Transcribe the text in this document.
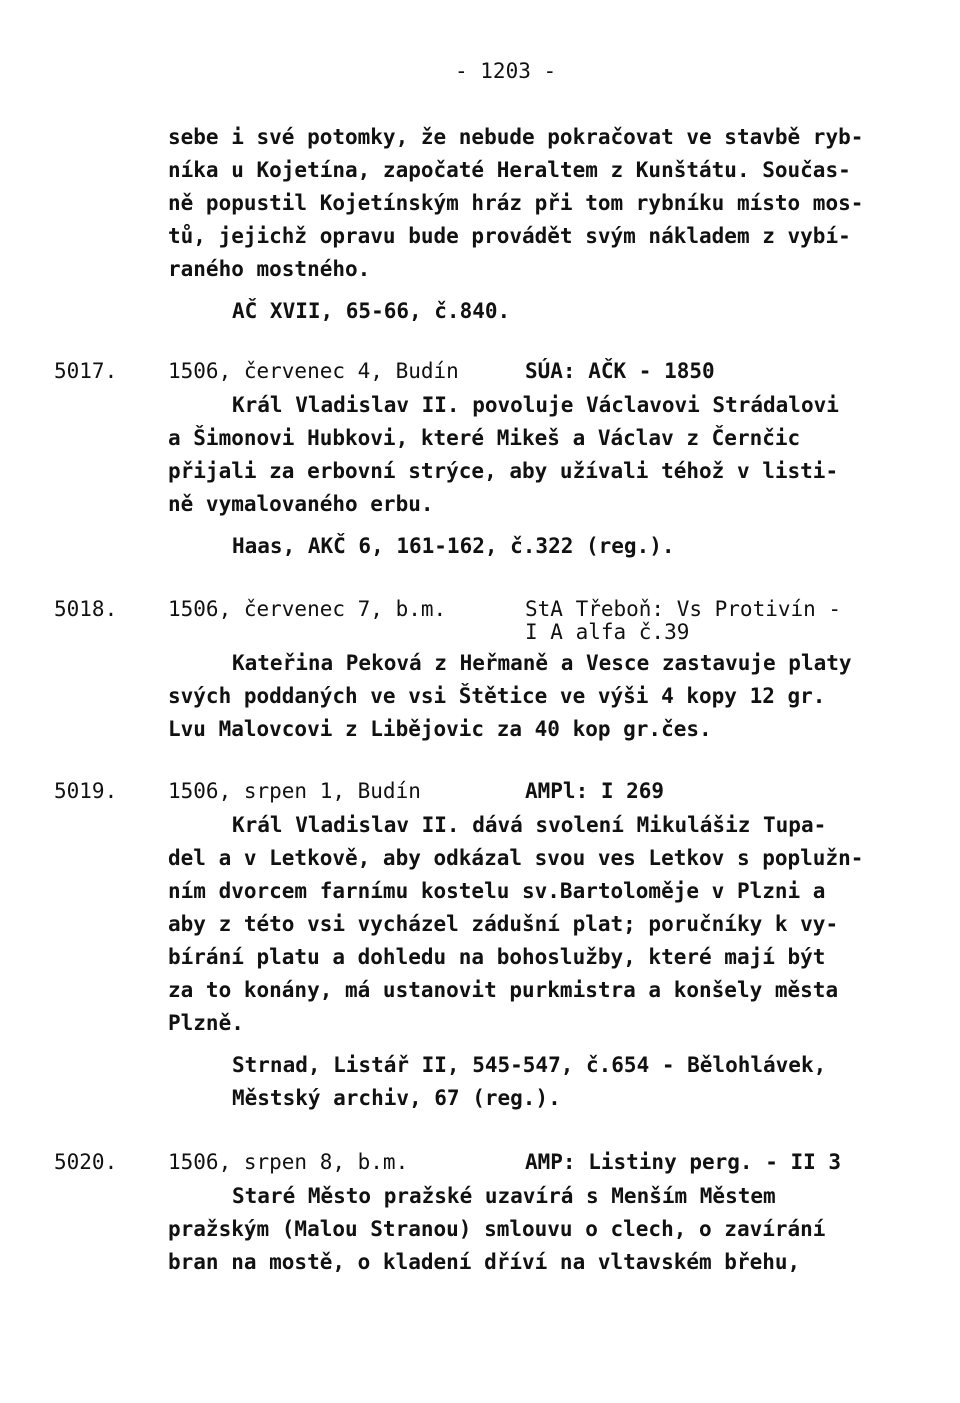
- 1203 -
sebe i své potomky, že nebude pokračovat ve stavbě ryb-
níka u Kojetína, započaté Heraltem z Kunštátu. Součas-
ně popustil Kojetínským hráz při tom rybníku místo mos-
tů, jejichž opravu bude provádět svým nákladem z vybí-
raného mostného.
AČ XVII, 65-66, č.840.
5017. 1506, červenec 4, Budín	SÚA: AČK - 1850
Král Vladislav II. povoluje Václavovi Strádalovi
a Šimonovi Hubkovi, které Mikeš a Václav z Černčic
přijali za erbovní strýce, aby užívali téhož v listi-
ně vymalovaného erbu.
Haas, AKČ 6, 161-162, č.322 (reg.).
5018. 1506, červenec 7, b.m.	StA Třeboň: Vs Protivín -
I A alfa č.39
Kateřina Peková z Heřmaně a Vesce zastavuje platy
svých poddaných ve vsi Štětice ve výši 4 kopy 12 gr.
Lvu Malovcovi z Libějovic za 40 kop gr.čes.
5019. 1506, srpen 1, Budín	AMPl: I 269
Král Vladislav II. dává svolení Mikulášiz Tupa-
del a v Letkově, aby odkázal svou ves Letkov s poplužn-
ním dvorcem farnímu kostelu sv.Bartoloměje v Plzni a
aby z této vsi vycházel zádušní plat; poručníky k vy-
bírání platu a dohledu na bohoslužby, které mají být
za to konány, má ustanovit purkmistra a konšely města
Plzně.
Strnad, Listář II, 545-547, č.654 - Bělohlávek,
Městský archiv, 67 (reg.).
5020. 1506, srpen 8, b.m.	AMP: Listiny perg. - II 3
Staré Město pražské uzavírá s Menším Městem
pražským (Malou Stranou) smlouvu o clech, o zavírání
bran na mostě, o kladení dříví na vltavském břehu,
